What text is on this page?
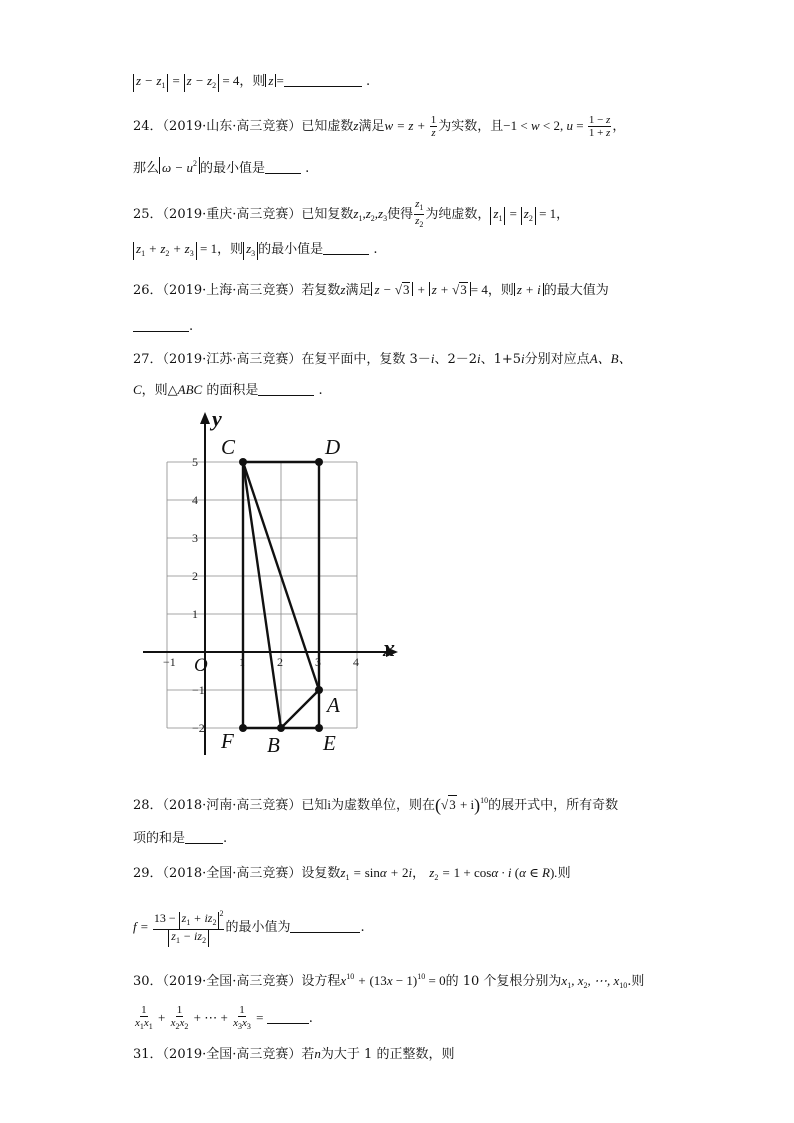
$z - z_1 = z - z_2 = 4$，则 z =	.
24．（2019·山东·高三竞赛）已知虚数z满足$w = z + \frac{1}{z}$ 为实数，且−1 < w < 2, $u = \frac{1 - z}{1 + z}$ ，
那么 $\omega - u^2$ 的最小值是	.
25．（2019·重庆·高三竞赛）已知复数$z_1,z_2,z_3$使得 $\frac{z_1}{z_2}$ 为纯虚数， $z_1 = z_2 = 1$，
$z_1 + z_2 + z_3 = 1$，则 $z_3$ 的最小值是	.
26．（2019·上海·高三竞赛）若复数z满足 z − √3 + z + √3 = 4，则 z + i 的最大值为
.
27．（2019·江苏·高三竞赛）在复平面中，复数 3－i、2－2i、1+5i分别对应点A、B、
C，则△ABC 的面积是	.
−1	1	2	3	4
5
4
3
2
1
−1
−2
C	D
A
B E
F
x
y
O
28．（2018·河南·高三竞赛）已知i为虚数单位，则在$(√3 + i)^{10}$的展开式中，所有奇数
项的和是	.
29．（2018·全国·高三竞赛）设复数$z_1 = \sin\alpha + 2i$， $z_2 = 1 + \cos\alpha \cdot i$ (α ∈ R).则
$f = \frac{13 - z_1 + iz_2^2}{z_1 - iz_2}$ 的最小值为	.
30．（2019·全国·高三竞赛）设方程$x^{10} + (13x - 1)^{10} = 0$的 10 个复根分别为$x_1$, $x_2$, ⋯, $x_{10}$.则
$\frac{1}{x_1x_1} + \frac{1}{x_2x_2}$ + ⋯ + $\frac{1}{x_3x_3}$ =	.
31．（2019·全国·高三竞赛）若n为大于 1 的正整数，则
